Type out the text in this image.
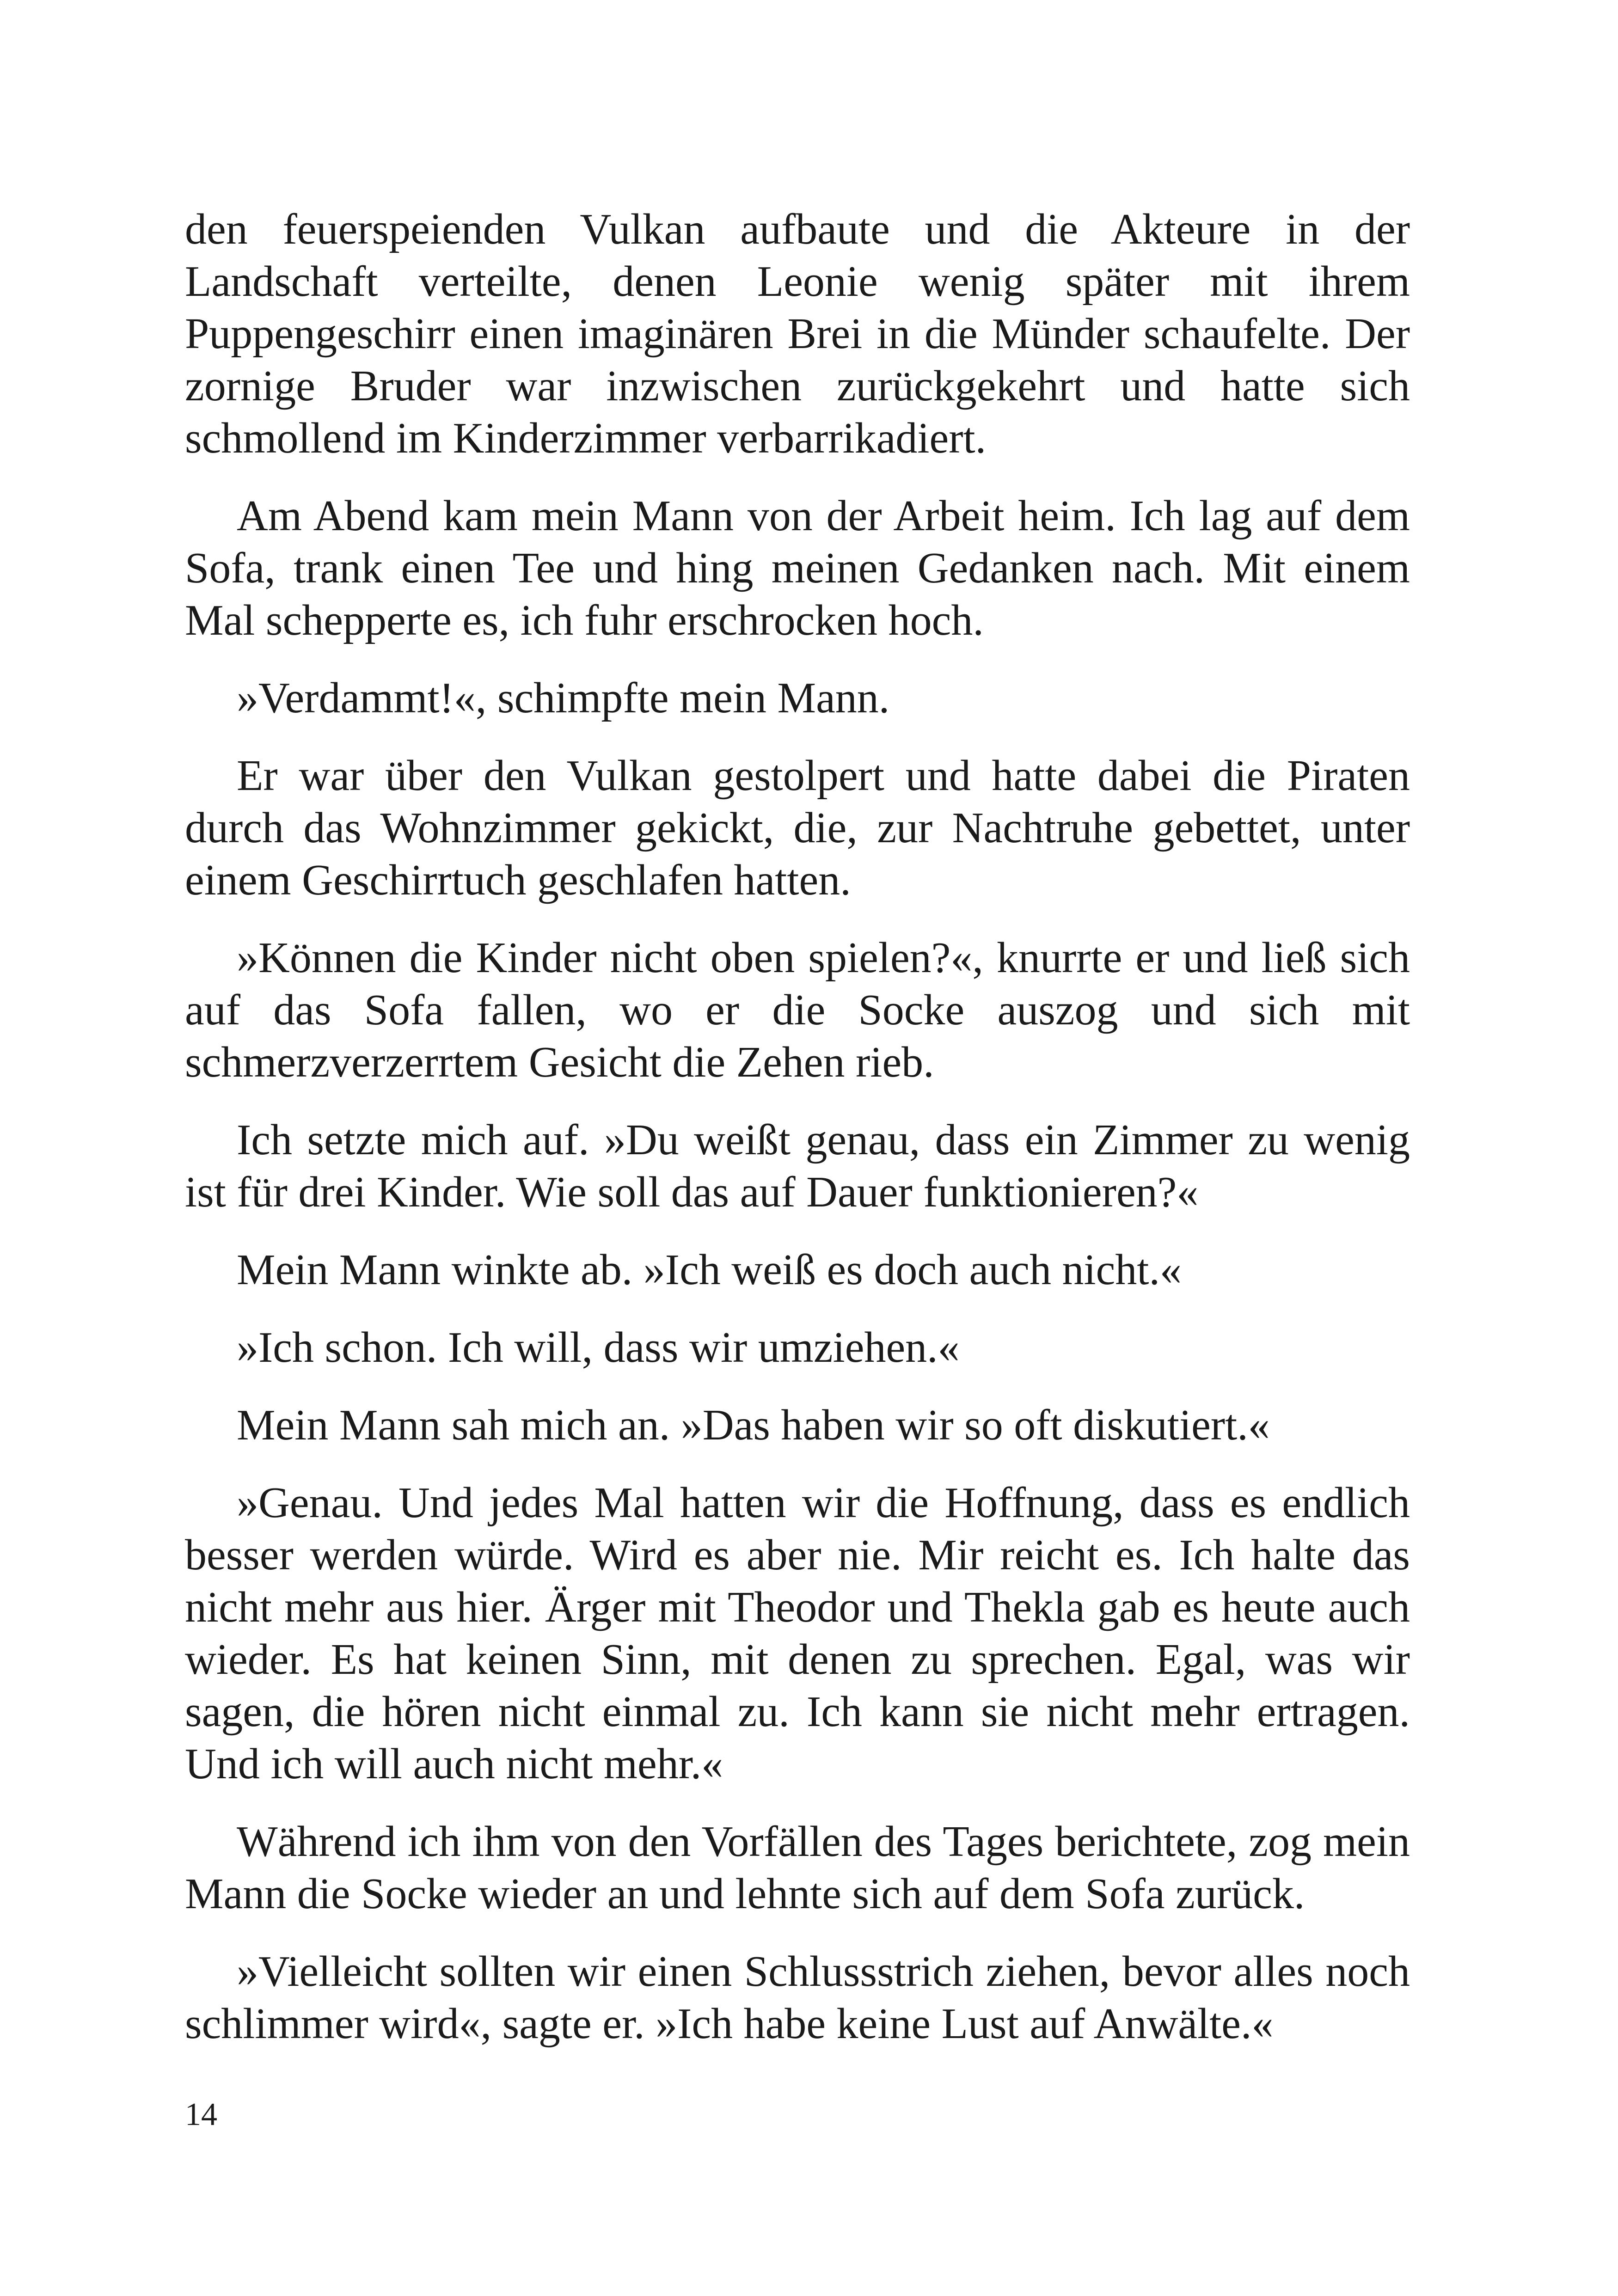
den feuerspeienden Vulkan aufbaute und die Akteure in der Landschaft verteilte, denen Leonie wenig später mit ihrem Puppengeschirr einen imaginären Brei in die Münder schaufelte. Der zornige Bruder war inzwischen zurückgekehrt und hatte sich schmollend im Kinderzimmer verbarrikadiert.

Am Abend kam mein Mann von der Arbeit heim. Ich lag auf dem Sofa, trank einen Tee und hing meinen Gedanken nach. Mit einem Mal schepperte es, ich fuhr erschrocken hoch.

»Verdammt!«, schimpfte mein Mann.

Er war über den Vulkan gestolpert und hatte dabei die Piraten durch das Wohnzimmer gekickt, die, zur Nachtruhe gebettet, unter einem Geschirrtuch geschlafen hatten.

»Können die Kinder nicht oben spielen?«, knurrte er und ließ sich auf das Sofa fallen, wo er die Socke auszog und sich mit schmerzverzerrtem Gesicht die Zehen rieb.

Ich setzte mich auf. »Du weißt genau, dass ein Zimmer zu wenig ist für drei Kinder. Wie soll das auf Dauer funktionieren?«

Mein Mann winkte ab. »Ich weiß es doch auch nicht.«

»Ich schon. Ich will, dass wir umziehen.«

Mein Mann sah mich an. »Das haben wir so oft diskutiert.«

»Genau. Und jedes Mal hatten wir die Hoffnung, dass es endlich besser werden würde. Wird es aber nie. Mir reicht es. Ich halte das nicht mehr aus hier. Ärger mit Theodor und Thekla gab es heute auch wieder. Es hat keinen Sinn, mit denen zu sprechen. Egal, was wir sagen, die hören nicht einmal zu. Ich kann sie nicht mehr ertragen. Und ich will auch nicht mehr.«

Während ich ihm von den Vorfällen des Tages berichtete, zog mein Mann die Socke wieder an und lehnte sich auf dem Sofa zurück.

»Vielleicht sollten wir einen Schlussstrich ziehen, bevor alles noch schlimmer wird«, sagte er. »Ich habe keine Lust auf Anwälte.«

14
